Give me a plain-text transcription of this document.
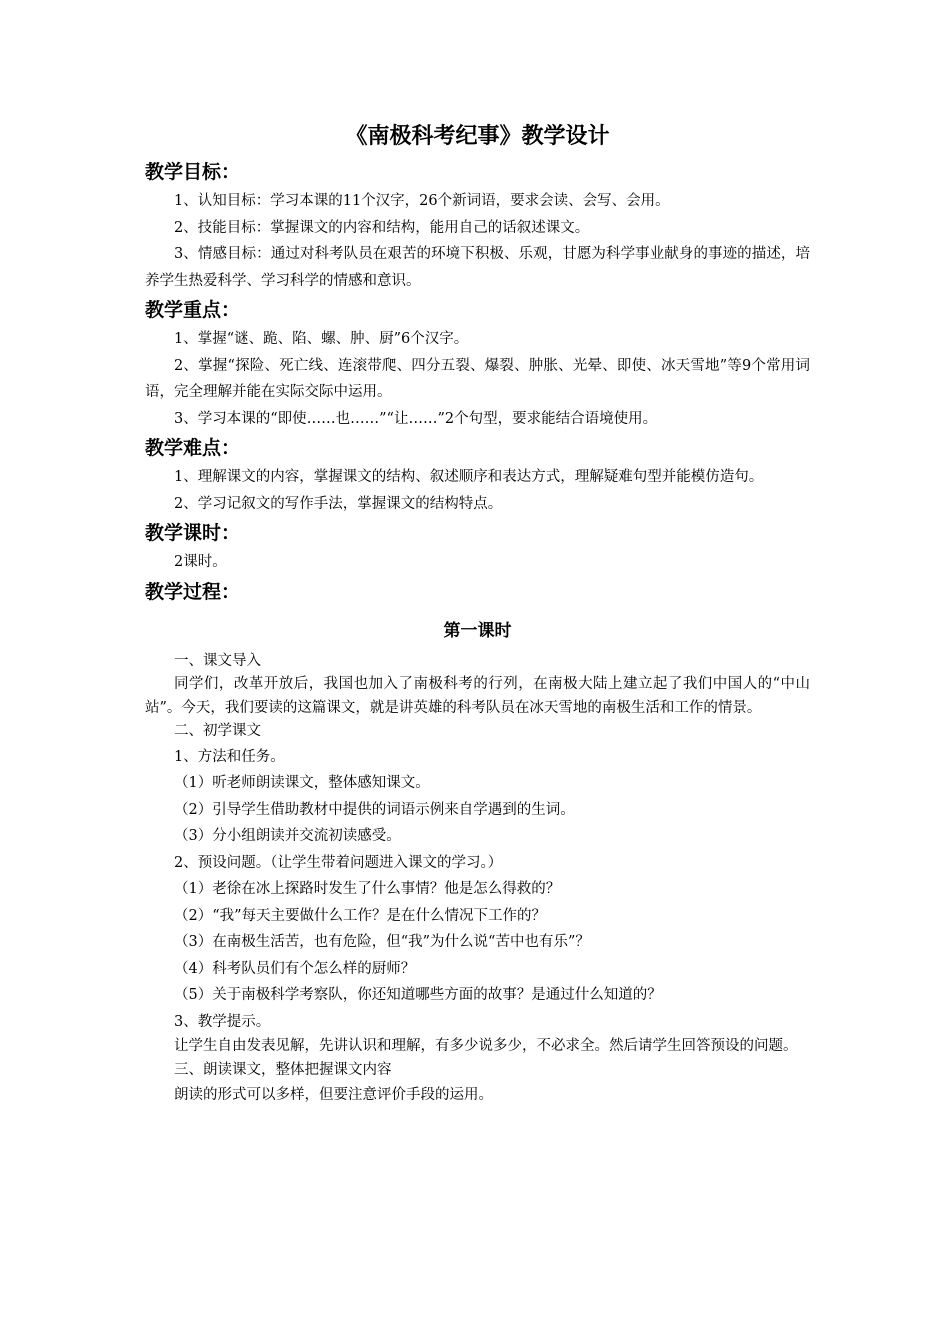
《南极科考纪事》教学设计
教学目标：

1、认知目标：学习本课的11个汉字，26个新词语，要求会读、会写、会用。

2、技能目标：掌握课文的内容和结构，能用自己的话叙述课文。

3、情感目标：通过对科考队员在艰苦的环境下积极、乐观，甘愿为科学事业献身的事迹的描述，培养学生热爱科学、学习科学的情感和意识。

教学重点：

1、掌握“谜、跪、陷、螺、肿、厨”6个汉字。

2、掌握“探险、死亡线、连滚带爬、四分五裂、爆裂、肿胀、光晕、即使、冰天雪地”等9个常用词语，完全理解并能在实际交际中运用。

3、学习本课的“即使……也……”“让……”2个句型，要求能结合语境使用。

教学难点：

1、理解课文的内容，掌握课文的结构、叙述顺序和表达方式，理解疑难句型并能模仿造句。

2、学习记叙文的写作手法，掌握课文的结构特点。

教学课时：

2课时。

教学过程：
第一课时

一、课文导入

同学们，改革开放后，我国也加入了南极科考的行列，在南极大陆上建立起了我们中国人的“中山站”。今天，我们要读的这篇课文，就是讲英雄的科考队员在冰天雪地的南极生活和工作的情景。

二、初学课文

1、方法和任务。

（1）听老师朗读课文，整体感知课文。

（2）引导学生借助教材中提供的词语示例来自学遇到的生词。

（3）分小组朗读并交流初读感受。

2、预设问题。（让学生带着问题进入课文的学习。）

（1）老徐在冰上探路时发生了什么事情？他是怎么得救的？

（2）“我”每天主要做什么工作？是在什么情况下工作的？

（3）在南极生活苦，也有危险，但“我”为什么说“苦中也有乐”？

（4）科考队员们有个怎么样的厨师？

（5）关于南极科学考察队，你还知道哪些方面的故事？是通过什么知道的？

3、教学提示。

让学生自由发表见解，先讲认识和理解，有多少说多少，不必求全。然后请学生回答预设的问题。

三、朗读课文，整体把握课文内容

朗读的形式可以多样，但要注意评价手段的运用。
